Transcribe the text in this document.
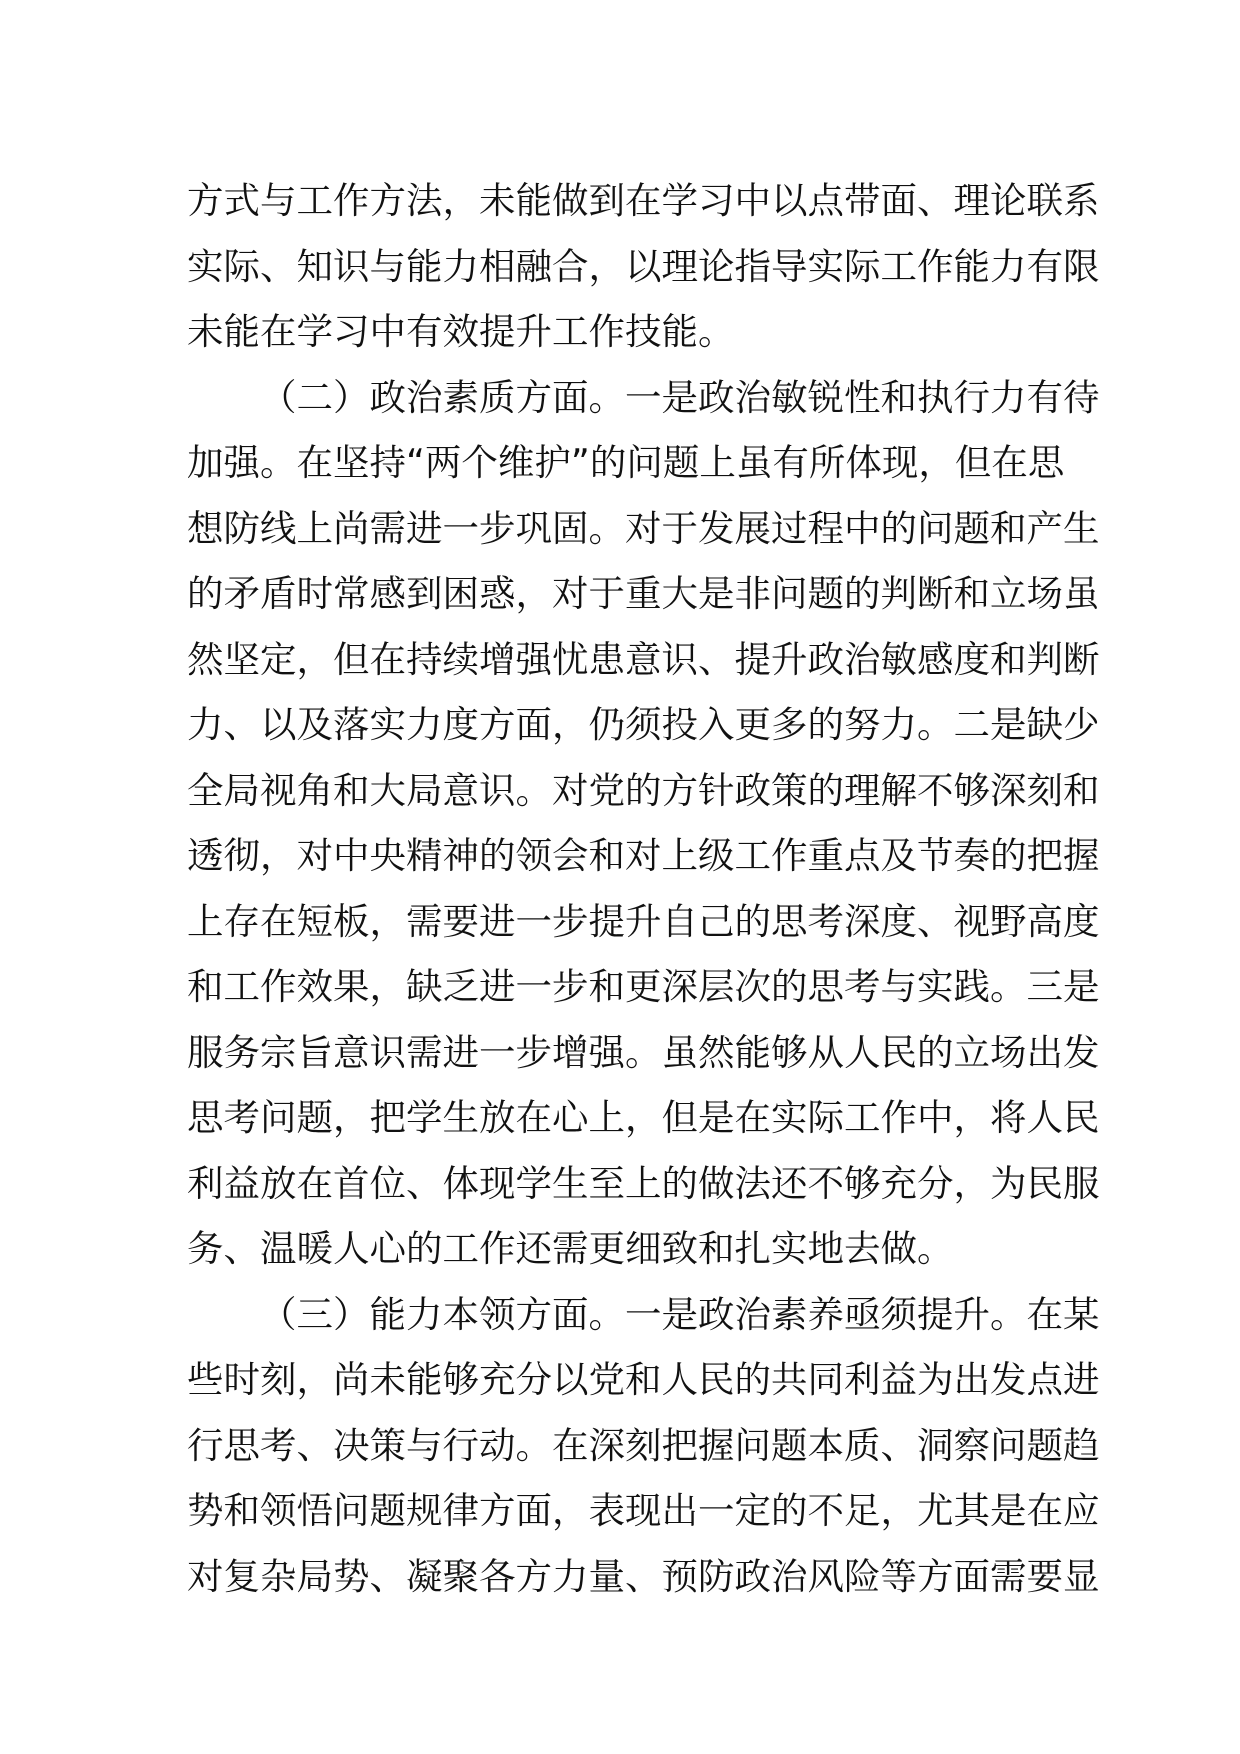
方式与工作方法，未能做到在学习中以点带面、理论联系
实际、知识与能力相融合，以理论指导实际工作能力有限
未能在学习中有效提升工作技能。
（二）政治素质方面。一是政治敏锐性和执行力有待
加强。在坚持“两个维护”的问题上虽有所体现，但在思
想防线上尚需进一步巩固。对于发展过程中的问题和产生
的矛盾时常感到困惑，对于重大是非问题的判断和立场虽
然坚定，但在持续增强忧患意识、提升政治敏感度和判断
力、以及落实力度方面，仍须投入更多的努力。二是缺少
全局视角和大局意识。对党的方针政策的理解不够深刻和
透彻，对中央精神的领会和对上级工作重点及节奏的把握
上存在短板，需要进一步提升自己的思考深度、视野高度
和工作效果，缺乏进一步和更深层次的思考与实践。三是
服务宗旨意识需进一步增强。虽然能够从人民的立场出发
思考问题，把学生放在心上，但是在实际工作中，将人民
利益放在首位、体现学生至上的做法还不够充分，为民服
务、温暖人心的工作还需更细致和扎实地去做。
（三）能力本领方面。一是政治素养亟须提升。在某
些时刻，尚未能够充分以党和人民的共同利益为出发点进
行思考、决策与行动。在深刻把握问题本质、洞察问题趋
势和领悟问题规律方面，表现出一定的不足，尤其是在应
对复杂局势、凝聚各方力量、预防政治风险等方面需要显
